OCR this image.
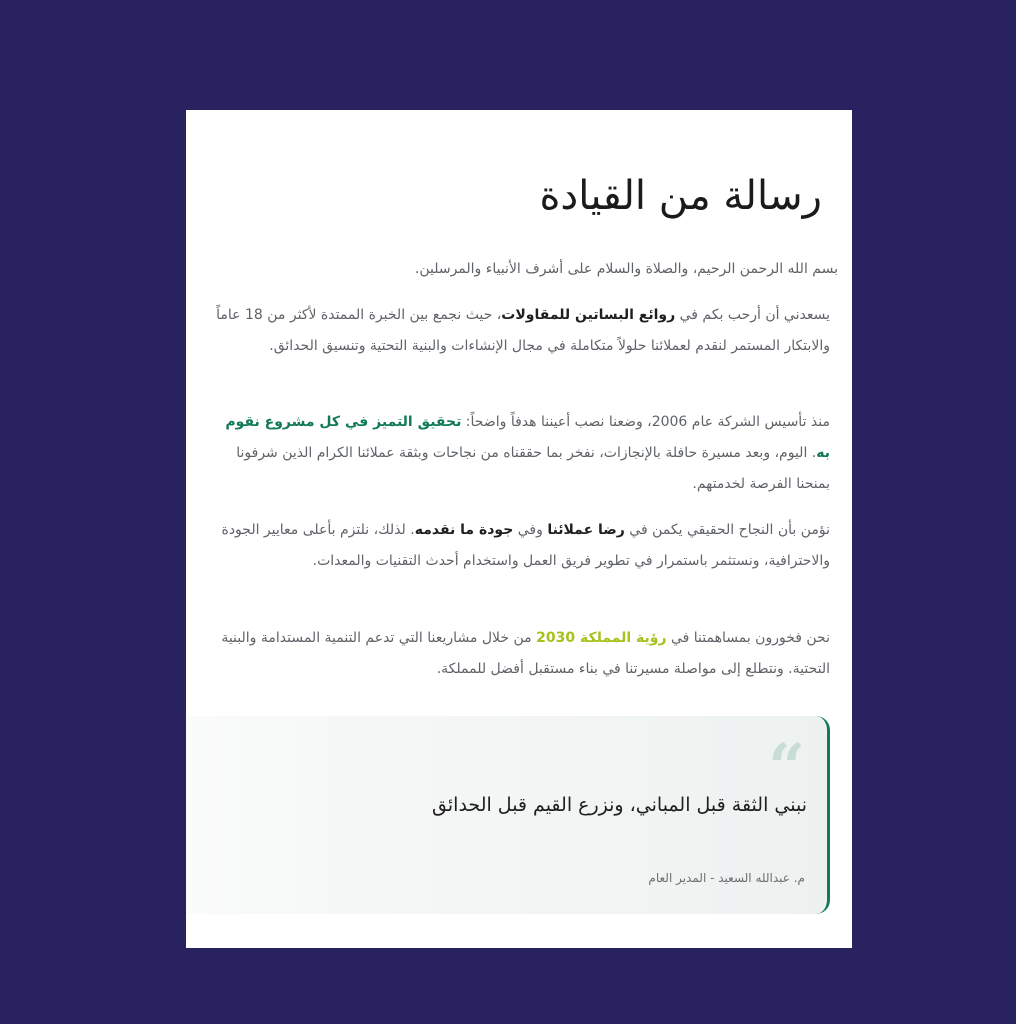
رسالة من القيادة

بسم الله الرحمن الرحيم، والصلاة والسلام على أشرف الأنبياء والمرسلين.

يسعدني أن أرحب بكم في روائع البساتين للمقاولات، حيث نجمع بين الخبرة الممتدة لأكثر من 18 عاماً والابتكار المستمر لنقدم لعملائنا حلولاً متكاملة في مجال الإنشاءات والبنية التحتية وتنسيق الحدائق.

منذ تأسيس الشركة عام 2006، وضعنا نصب أعيننا هدفاً واضحاً: تحقيق التميز في كل مشروع نقوم به. اليوم، وبعد مسيرة حافلة بالإنجازات، نفخر بما حققناه من نجاحات وبثقة عملائنا الكرام الذين شرفونا بمنحنا الفرصة لخدمتهم.

نؤمن بأن النجاح الحقيقي يكمن في رضا عملائنا وفي جودة ما نقدمه. لذلك، نلتزم بأعلى معايير الجودة والاحترافية، ونستثمر باستمرار في تطوير فريق العمل واستخدام أحدث التقنيات والمعدات.

نحن فخورون بمساهمتنا في رؤية المملكة 2030 من خلال مشاريعنا التي تدعم التنمية المستدامة والبنية التحتية. ونتطلع إلى مواصلة مسيرتنا في بناء مستقبل أفضل للمملكة.

“

نبني الثقة قبل المباني، ونزرع القيم قبل الحدائق

م. عبدالله السعيد - المدير العام
